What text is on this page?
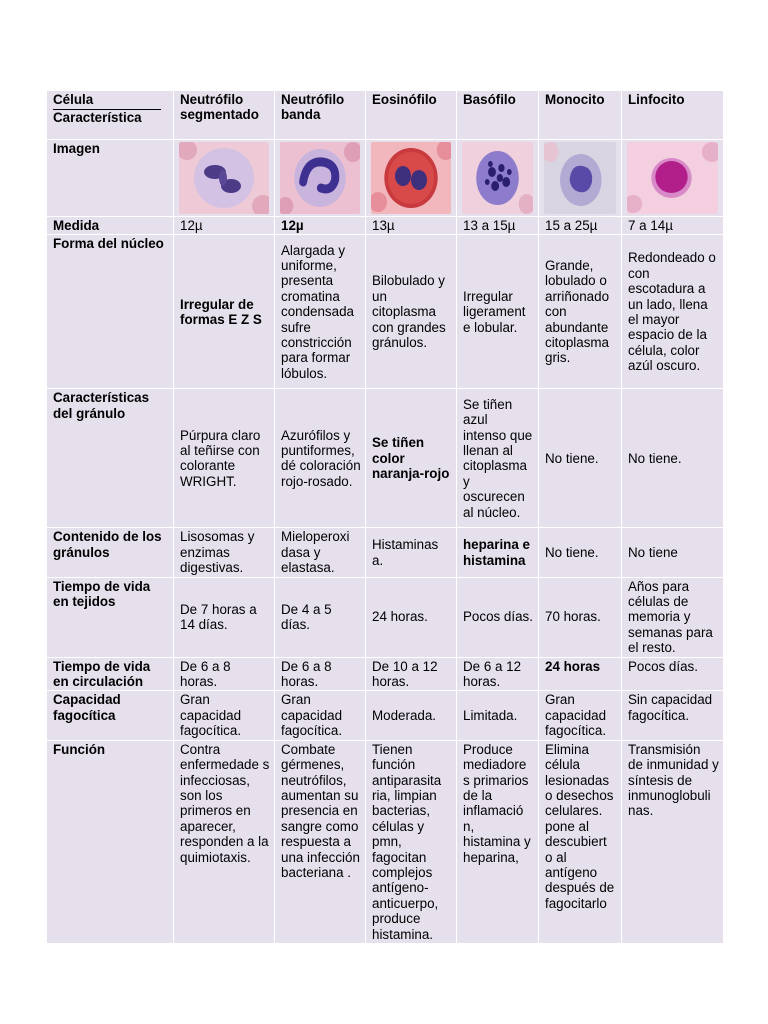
Célula
Característica	Neutrófilo segmentado	Neutrófilo banda	Eosinófilo	Basófilo	Monocito	Linfocito
Imagen	

Medida	12µ	12µ	13µ	13 a 15µ	15 a 25µ	7 a 14µ
Forma del núcleo	Irregular de formas E Z S	Alargada y uniforme, presenta cromatina condensada sufre constricción para formar lóbulos.	Bilobulado y un citoplasma con grandes gránulos.	Irregular ligerament e lobular.	Grande, lobulado o arriñonado con abundante citoplasma gris.	Redondeado o con escotadura a un lado, llena el mayor espacio de la célula, color azúl oscuro.
Características del gránulo	Púrpura claro al teñirse con colorante WRIGHT.	Azurófilos y puntiformes, dé coloración rojo-rosado.	Se tiñen color naranja-rojo	Se tiñen azul intenso que llenan al citoplasma y oscurecen al núcleo.	No tiene.	No tiene.
Contenido de los gránulos	Lisosomas y enzimas digestivas.	Mieloperoxi dasa y elastasa.	Histaminas a.	heparina e histamina	No tiene.	No tiene
Tiempo de vida en tejidos	De 7 horas a 14 días.	De 4 a 5 días.	24 horas.	Pocos días.	70 horas.	Años para células de memoria y semanas para el resto.
Tiempo de vida en circulación	De 6 a 8 horas.	De 6 a 8 horas.	De 10 a 12 horas.	De 6 a 12 horas.	24 horas	Pocos días.
Capacidad fagocítica	Gran capacidad fagocítica.	Gran capacidad fagocítica.	Moderada.	Limitada.	Gran capacidad fagocítica.	Sin capacidad fagocítica.
Función	Contra enfermedade s infecciosas, son los primeros en aparecer, responden a la quimiotaxis.	Combate gérmenes, neutrófilos, aumentan su presencia en sangre como respuesta a una infección bacteriana .	Tienen función antiparasita ria, limpian bacterias, células y pmn, fagocitan complejos antígeno-anticuerpo, produce histamina.	Produce mediadore s primarios de la inflamació n, histamina y heparina,	Elimina célula lesionadas o desechos celulares. pone al descubiert o al antígeno después de fagocitarlo	Transmisión de inmunidad y síntesis de inmunoglobuli nas.
